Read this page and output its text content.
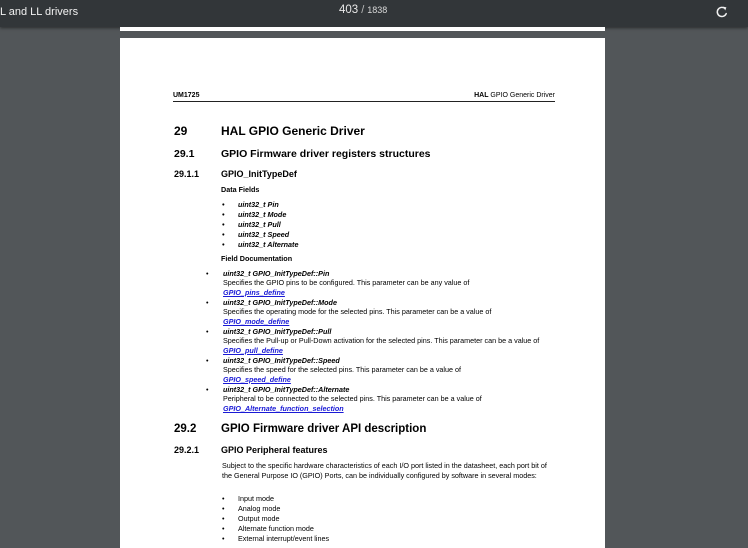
L and LL drivers	403 / 1838
UM1725	HAL GPIO Generic Driver
29	HAL GPIO Generic Driver
29.1	GPIO Firmware driver registers structures
29.1.1 GPIO_InitTypeDef
Data Fields
• uint32_t Pin
• uint32_t Mode
• uint32_t Pull
• uint32_t Speed
• uint32_t Alternate
Field Documentation
• uint32_t GPIO_InitTypeDef::Pin
Specifies the GPIO pins to be configured. This parameter can be any value of
GPIO_pins_define
• uint32_t GPIO_InitTypeDef::Mode
Specifies the operating mode for the selected pins. This parameter can be a value of
GPIO_mode_define
• uint32_t GPIO_InitTypeDef::Pull
Specifies the Pull-up or Pull-Down activation for the selected pins. This parameter can be a value of GPIO_pull_define
• uint32_t GPIO_InitTypeDef::Speed
Specifies the speed for the selected pins. This parameter can be a value of
GPIO_speed_define
• uint32_t GPIO_InitTypeDef::Alternate
Peripheral to be connected to the selected pins. This parameter can be a value of
GPIO_Alternate_function_selection
29.2 GPIO Firmware driver API description
29.2.1 GPIO Peripheral features
Subject to the specific hardware characteristics of each I/O port listed in the datasheet, each port bit of the General Purpose IO (GPIO) Ports, can be individually configured by software in several modes:
• Input mode
• Analog mode
• Output mode
• Alternate function mode
• External interrupt/event lines
